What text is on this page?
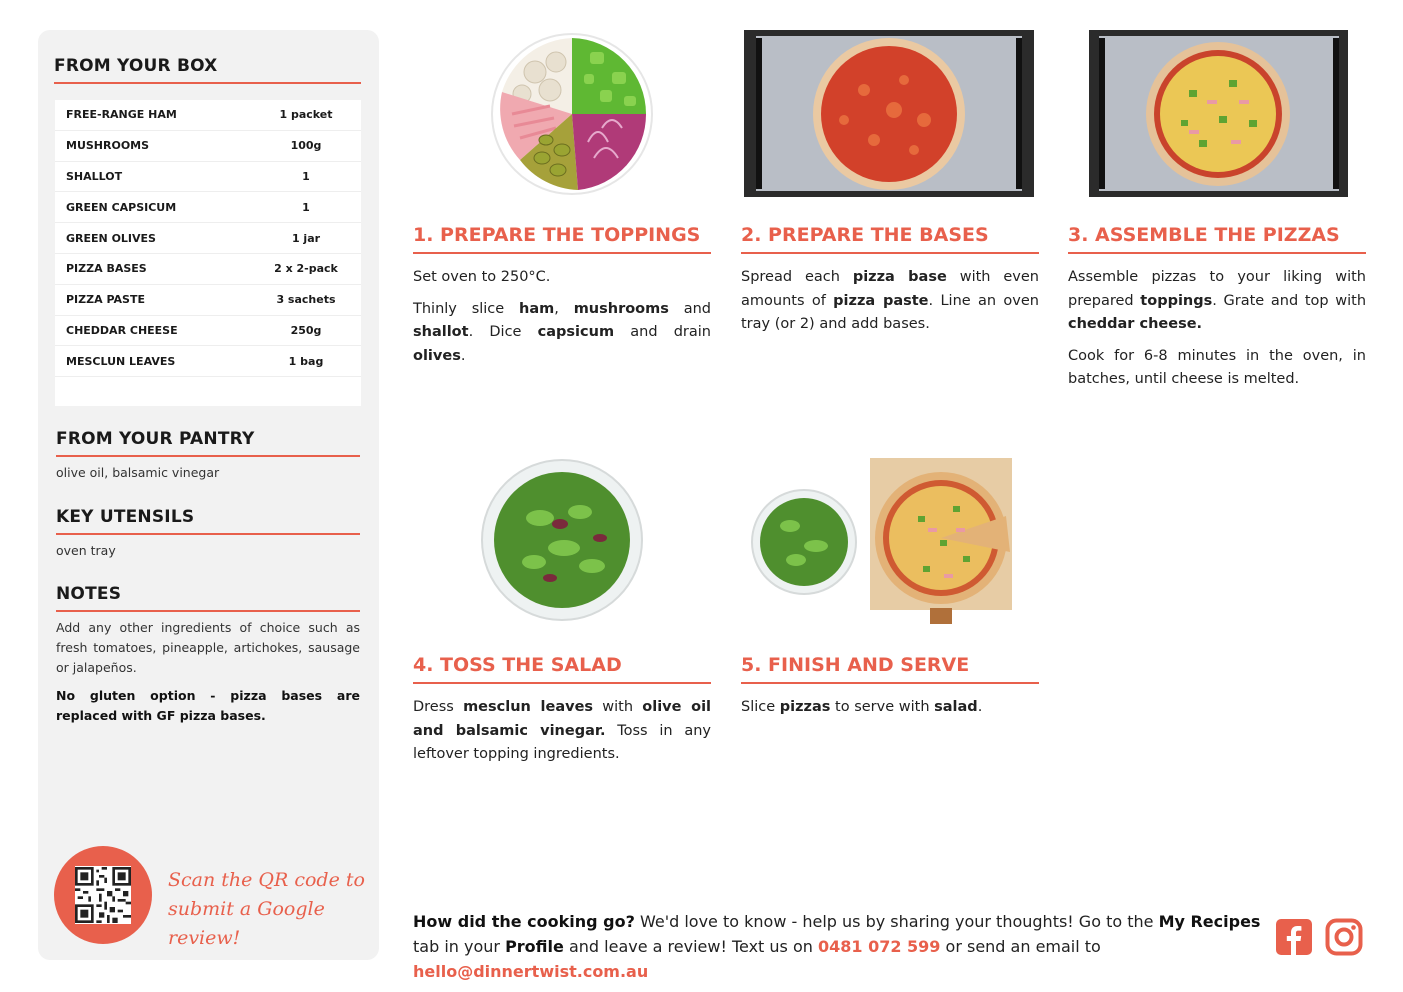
FROM YOUR BOX
FREE-RANGE HAM	1 packet
MUSHROOMS	100g
SHALLOT	1
GREEN CAPSICUM	1
GREEN OLIVES	1 jar
PIZZA BASES	2 x 2-pack
PIZZA PASTE	3 sachets
CHEDDAR CHEESE	250g
MESCLUN LEAVES	1 bag
FROM YOUR PANTRY
olive oil, balsamic vinegar
KEY UTENSILS
oven tray
NOTES
Add any other ingredients of choice such as fresh tomatoes, pineapple, artichokes, sausage or jalapeños.
No gluten option - pizza bases are replaced with GF pizza bases.
Scan the QR code to
submit a Google review!
1. PREPARE THE TOPPINGS

Set oven to 250°C.

Thinly slice ham, mushrooms and shallot. Dice capsicum and drain olives.

2. PREPARE THE BASES

Spread each pizza base with even amounts of pizza paste. Line an oven tray (or 2) and add bases.

3. ASSEMBLE THE PIZZAS

Assemble pizzas to your liking with prepared toppings. Grate and top with cheddar cheese.

Cook for 6-8 minutes in the oven, in batches, until cheese is melted.

4. TOSS THE SALAD

Dress mesclun leaves with olive oil and balsamic vinegar. Toss in any leftover topping ingredients.

5. FINISH AND SERVE

Slice pizzas to serve with salad.

How did the cooking go? We'd love to know - help us by sharing your thoughts! Go to the My Recipes tab in your Profile and leave a review! Text us on 0481 072 599 or send an email to hello@dinnertwist.com.au
